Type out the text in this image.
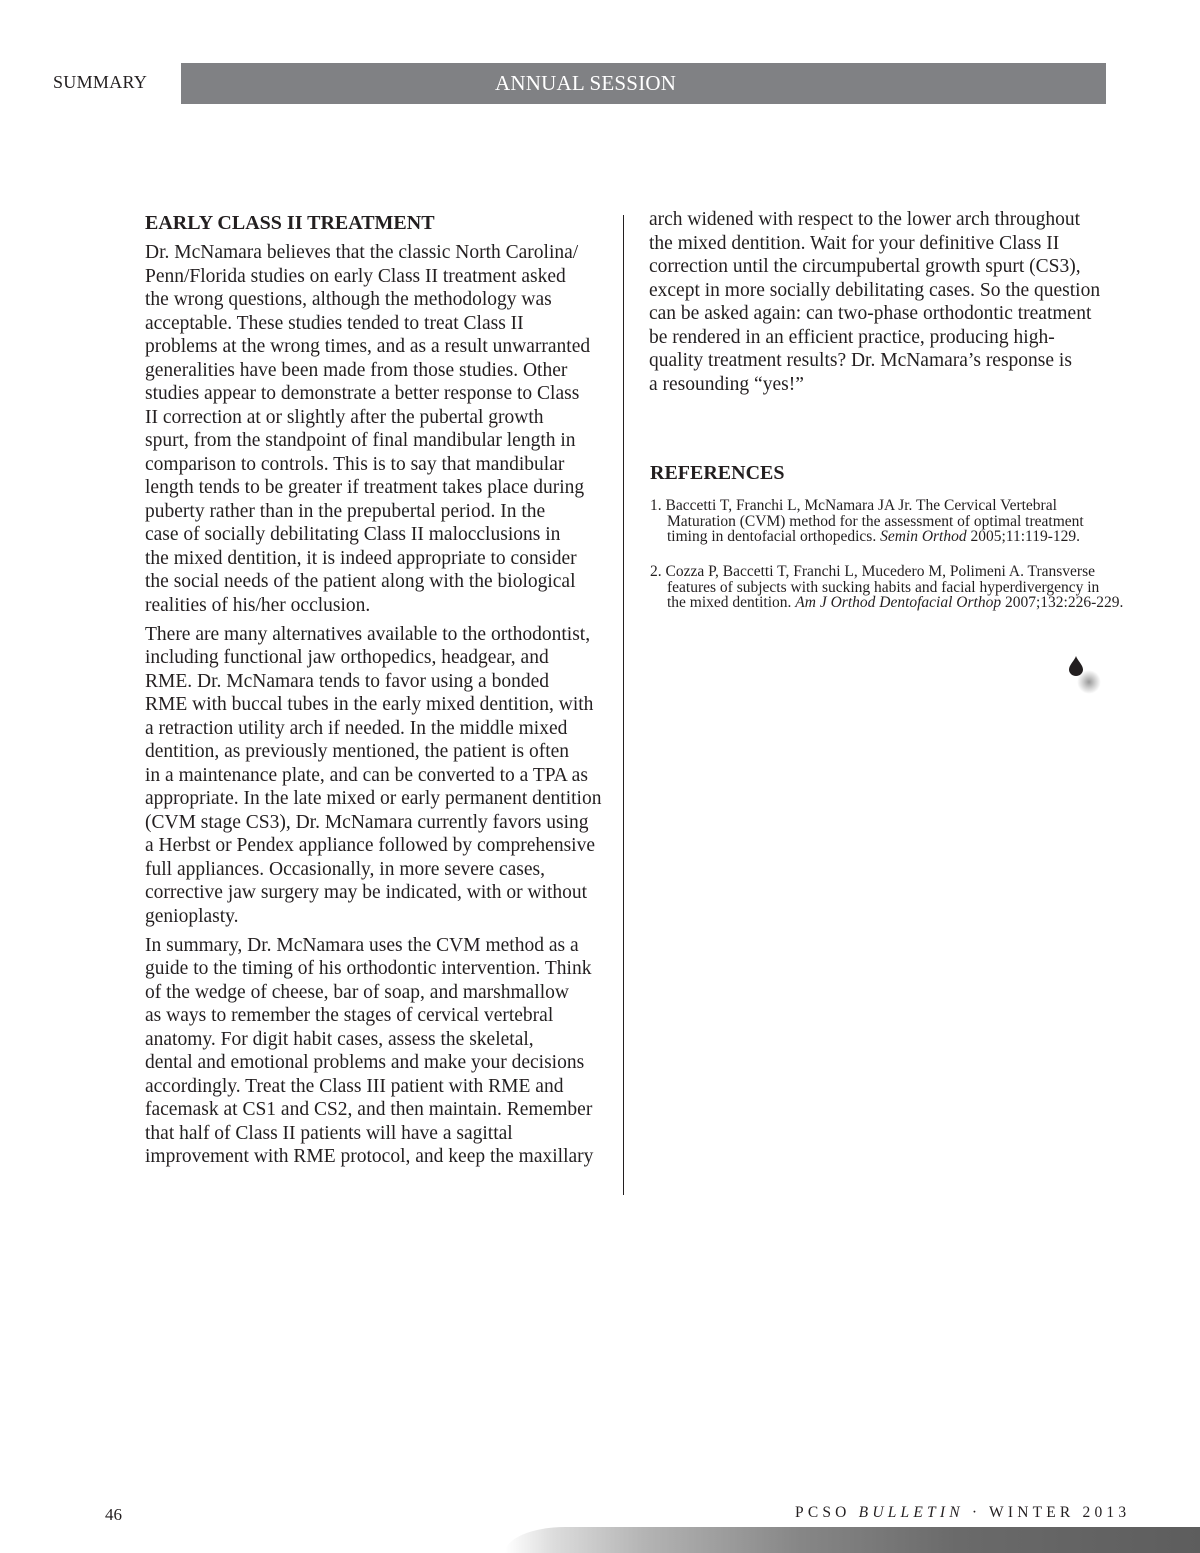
SUMMARY	ANNUAL SESSION
EARLY CLASS II TREATMENT

Dr. McNamara believes that the classic North Carolina/
Penn/Florida studies on early Class II treatment asked
the wrong questions, although the methodology was
acceptable. These studies tended to treat Class II
problems at the wrong times, and as a result unwarranted
generalities have been made from those studies. Other
studies appear to demonstrate a better response to Class
II correction at or slightly after the pubertal growth
spurt, from the standpoint of final mandibular length in
comparison to controls. This is to say that mandibular
length tends to be greater if treatment takes place during
puberty rather than in the prepubertal period. In the
case of socially debilitating Class II malocclusions in
the mixed dentition, it is indeed appropriate to consider
the social needs of the patient along with the biological
realities of his/her occlusion.

There are many alternatives available to the orthodontist,
including functional jaw orthopedics, headgear, and
RME. Dr. McNamara tends to favor using a bonded
RME with buccal tubes in the early mixed dentition, with
a retraction utility arch if needed. In the middle mixed
dentition, as previously mentioned, the patient is often
in a maintenance plate, and can be converted to a TPA as
appropriate. In the late mixed or early permanent dentition
(CVM stage CS3), Dr. McNamara currently favors using
a Herbst or Pendex appliance followed by comprehensive
full appliances. Occasionally, in more severe cases,
corrective jaw surgery may be indicated, with or without
genioplasty.

In summary, Dr. McNamara uses the CVM method as a
guide to the timing of his orthodontic intervention. Think
of the wedge of cheese, bar of soap, and marshmallow
as ways to remember the stages of cervical vertebral
anatomy. For digit habit cases, assess the skeletal,
dental and emotional problems and make your decisions
accordingly. Treat the Class III patient with RME and
facemask at CS1 and CS2, and then maintain. Remember
that half of Class II patients will have a sagittal
improvement with RME protocol, and keep the maxillary

arch widened with respect to the lower arch throughout
the mixed dentition. Wait for your definitive Class II
correction until the circumpubertal growth spurt (CS3),
except in more socially debilitating cases. So the question
can be asked again: can two-phase orthodontic treatment
be rendered in an efficient practice, producing high-
quality treatment results? Dr. McNamara’s response is
a resounding “yes!”

REFERENCES
1. Baccetti T, Franchi L, McNamara JA Jr. The Cervical Vertebral
Maturation (CVM) method for the assessment of optimal treatment
timing in dentofacial orthopedics. Semin Orthod 2005;11:119-129.
2. Cozza P, Baccetti T, Franchi L, Mucedero M, Polimeni A. Transverse
features of subjects with sucking habits and facial hyperdivergency in
the mixed dentition. Am J Orthod Dentofacial Orthop 2007;132:226-229.
46	PCSO BULLETIN · WINTER 2013
